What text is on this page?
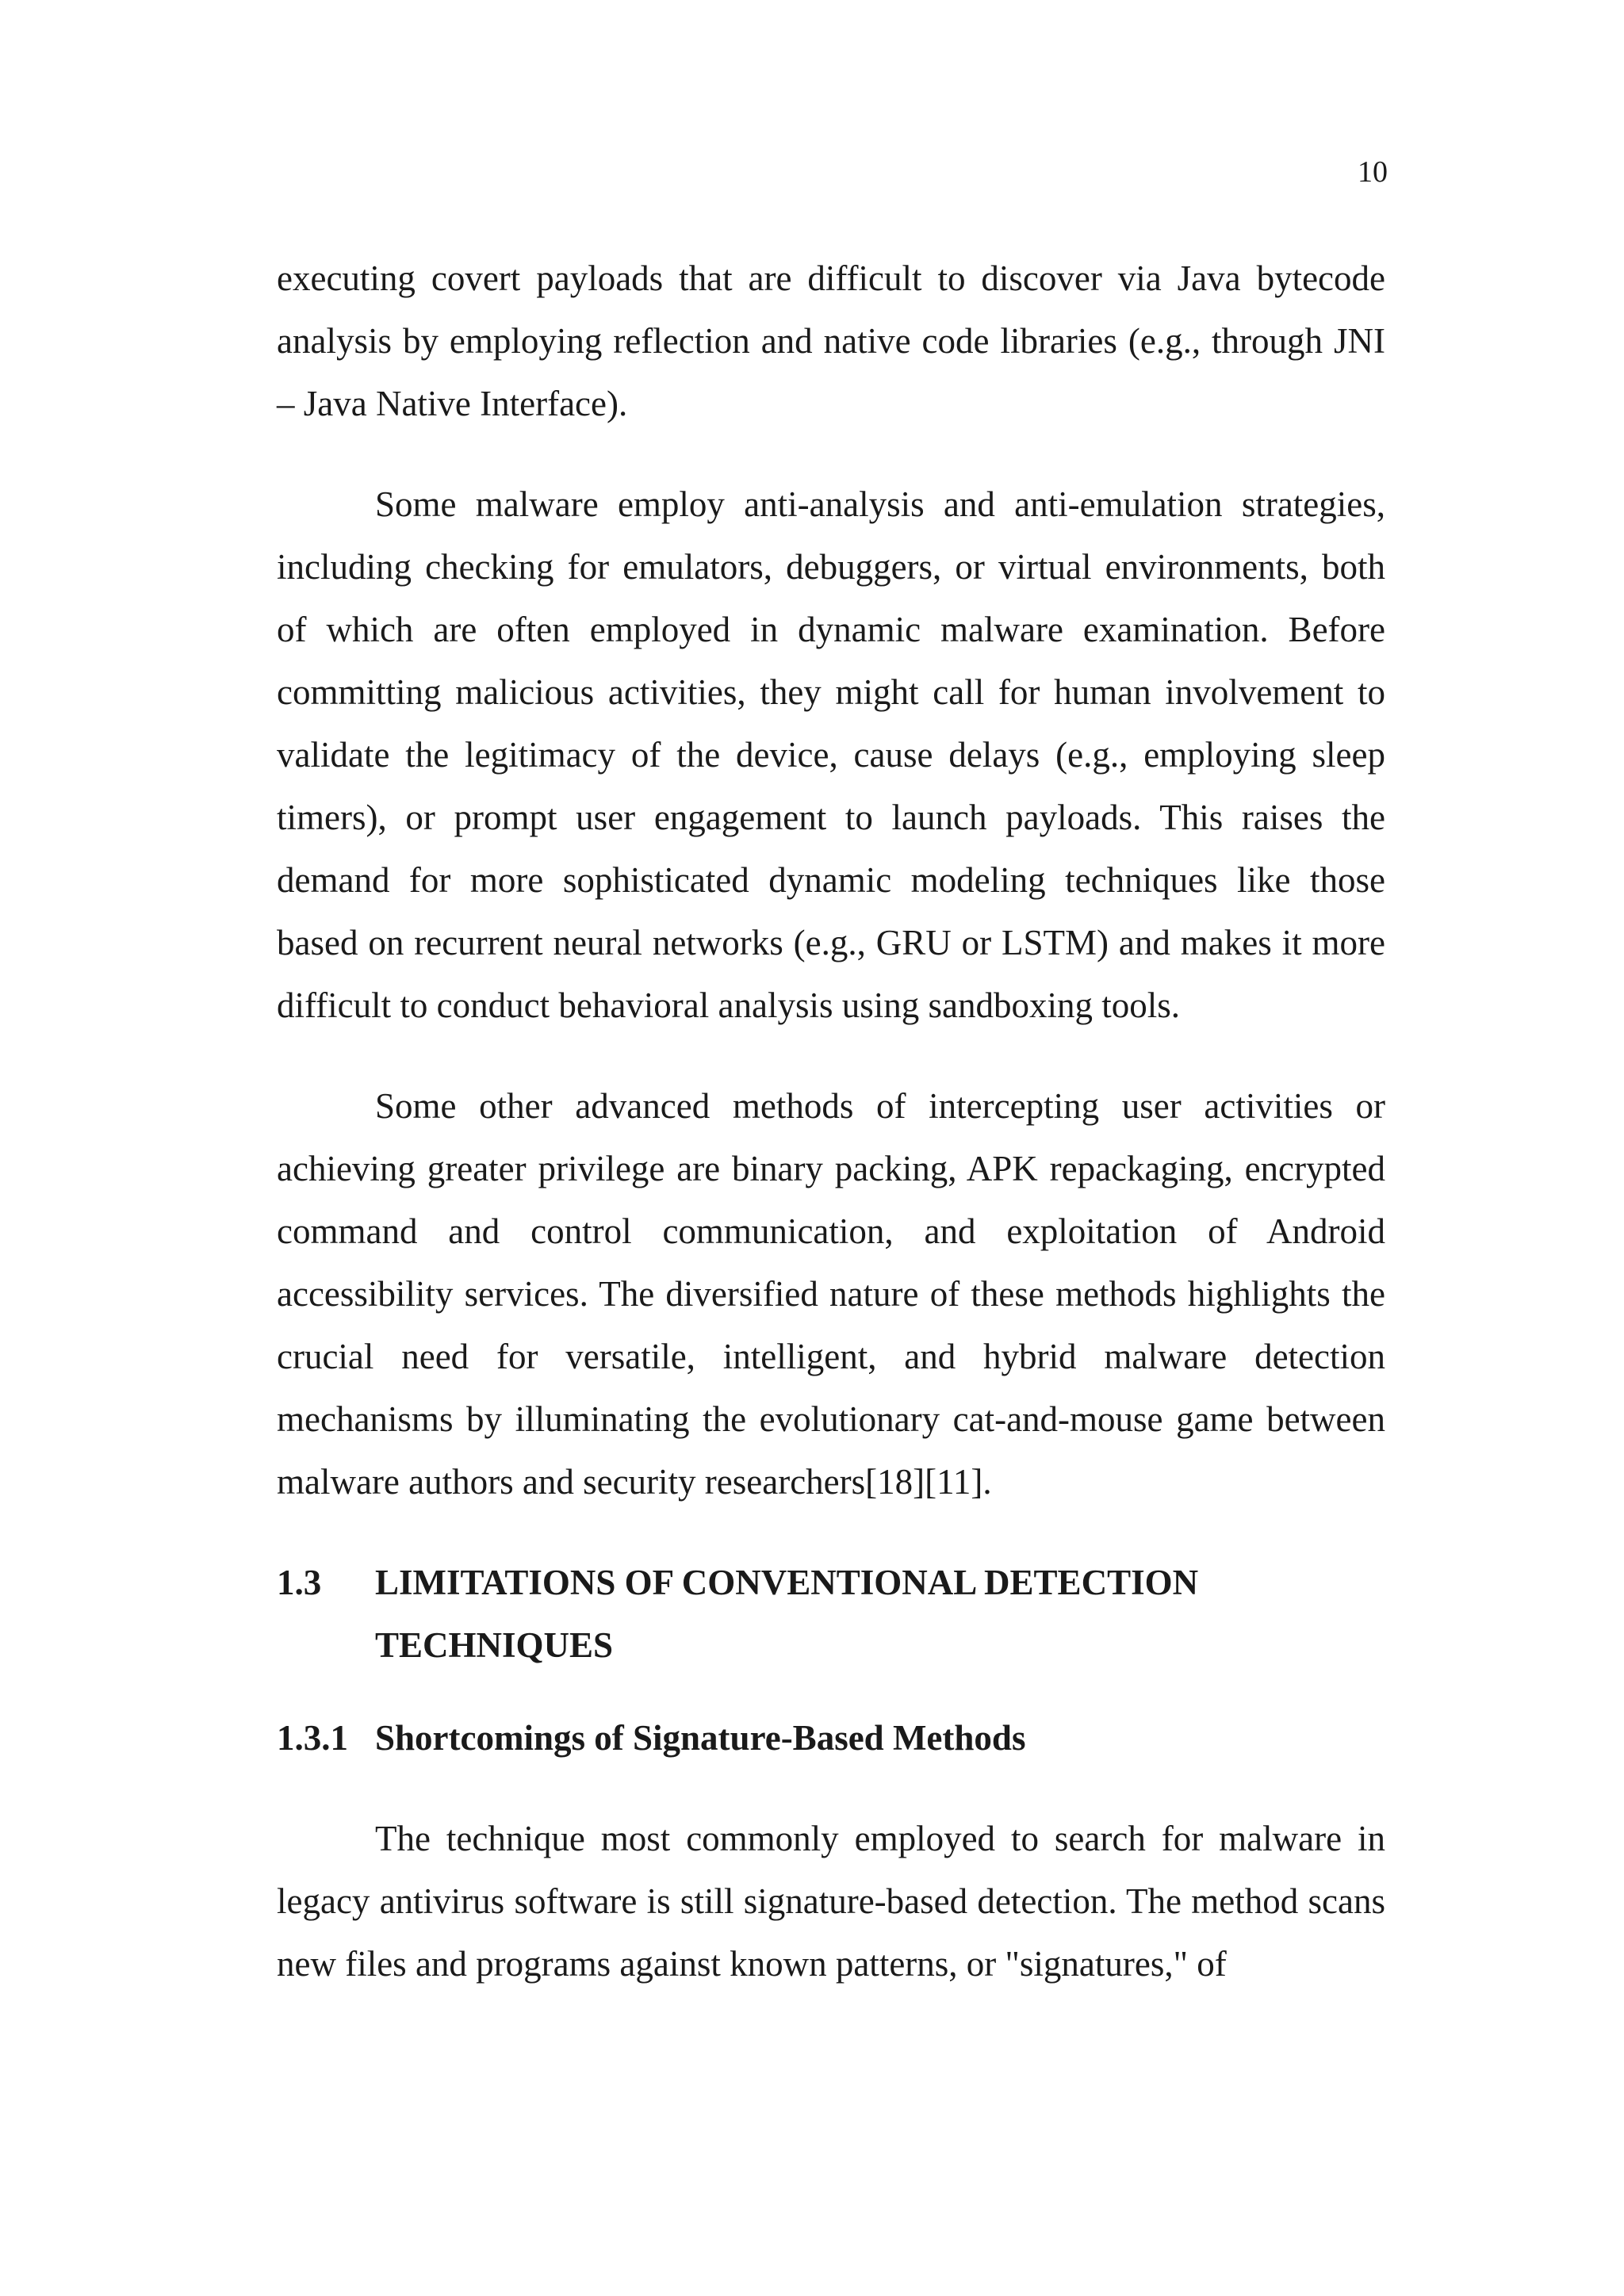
10

executing covert payloads that are difficult to discover via Java bytecode analysis by employing reflection and native code libraries (e.g., through JNI – Java Native Interface).

Some malware employ anti-analysis and anti-emulation strategies, including checking for emulators, debuggers, or virtual environments, both of which are often employed in dynamic malware examination. Before committing malicious activities, they might call for human involvement to validate the legitimacy of the device, cause delays (e.g., employing sleep timers), or prompt user engagement to launch payloads. This raises the demand for more sophisticated dynamic modeling techniques like those based on recurrent neural networks (e.g., GRU or LSTM) and makes it more difficult to conduct behavioral analysis using sandboxing tools.

Some other advanced methods of intercepting user activities or achieving greater privilege are binary packing, APK repackaging, encrypted command and control communication, and exploitation of Android accessibility services. The diversified nature of these methods highlights the crucial need for versatile, intelligent, and hybrid malware detection mechanisms by illuminating the evolutionary cat-and-mouse game between malware authors and security researchers[18][11].

1.3	LIMITATIONS OF CONVENTIONAL DETECTION TECHNIQUES
1.3.1 Shortcomings of Signature-Based Methods

The technique most commonly employed to search for malware in legacy antivirus software is still signature-based detection. The method scans new files and programs against known patterns, or "signatures," of
